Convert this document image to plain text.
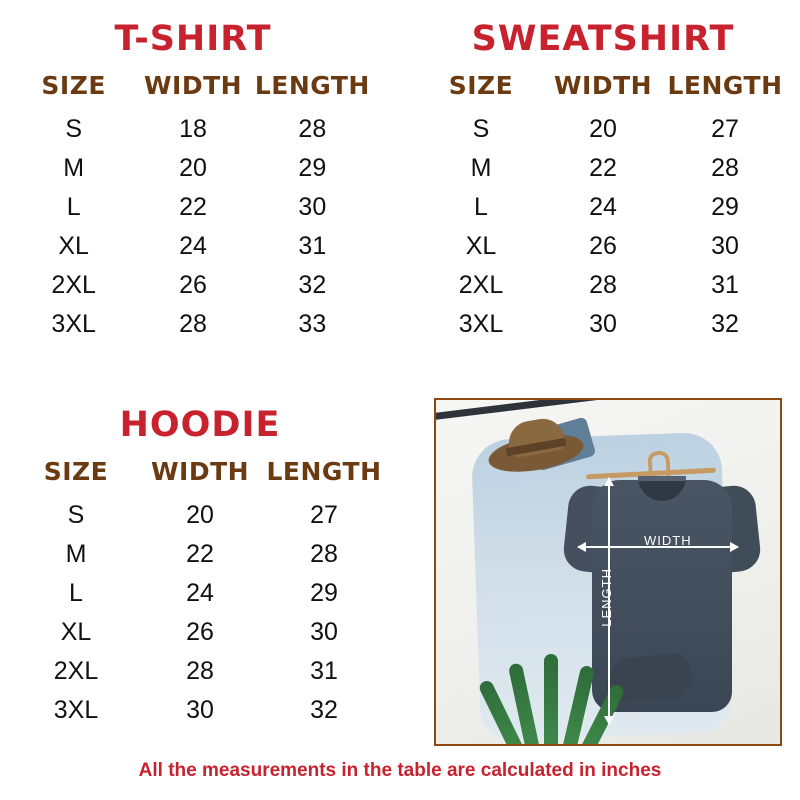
T-SHIRT
SIZE	WIDTH	LENGTH
S	18	28
M	20	29
L	22	30
XL	24	31
2XL	26	32
3XL	28	33
SWEATSHIRT
SIZE	WIDTH	LENGTH
S	20	27
M	22	28
L	24	29
XL	26	30
2XL	28	31
3XL	30	32
HOODIE
SIZE	WIDTH	LENGTH
S	20	27
M	22	28
L	24	29
XL	26	30
2XL	28	31
3XL	30	32
WIDTH
LENGTH
All the measurements in the table are calculated in inches
